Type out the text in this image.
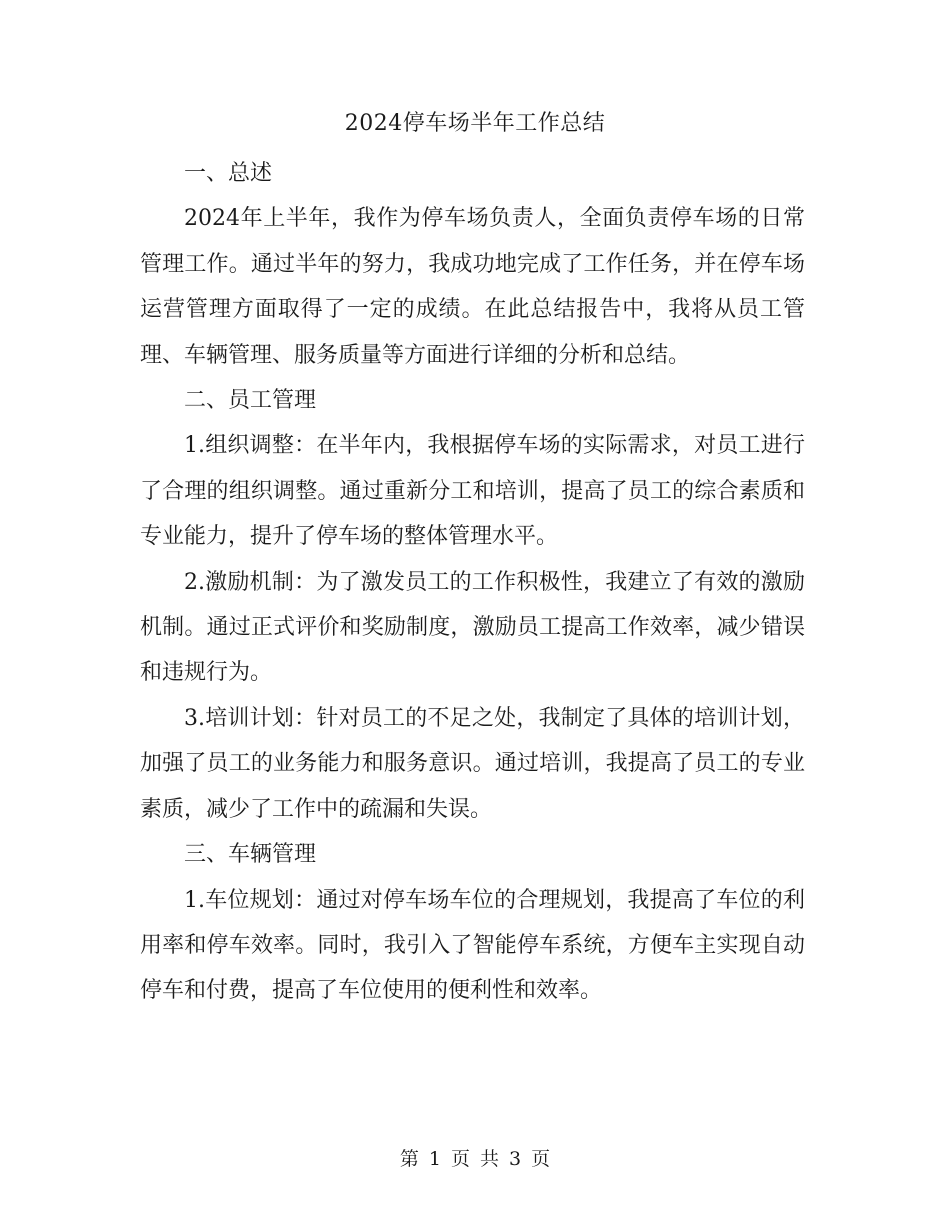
2024停车场半年工作总结

一、总述

2024年上半年，我作为停车场负责人，全面负责停车场的日常管理工作。通过半年的努力，我成功地完成了工作任务，并在停车场运营管理方面取得了一定的成绩。在此总结报告中，我将从员工管理、车辆管理、服务质量等方面进行详细的分析和总结。

二、员工管理

1.组织调整：在半年内，我根据停车场的实际需求，对员工进行了合理的组织调整。通过重新分工和培训，提高了员工的综合素质和专业能力，提升了停车场的整体管理水平。

2.激励机制：为了激发员工的工作积极性，我建立了有效的激励机制。通过正式评价和奖励制度，激励员工提高工作效率，减少错误和违规行为。

3.培训计划：针对员工的不足之处，我制定了具体的培训计划，加强了员工的业务能力和服务意识。通过培训，我提高了员工的专业素质，减少了工作中的疏漏和失误。

三、车辆管理

1.车位规划：通过对停车场车位的合理规划，我提高了车位的利用率和停车效率。同时，我引入了智能停车系统，方便车主实现自动停车和付费，提高了车位使用的便利性和效率。

第 1 页 共 3 页
